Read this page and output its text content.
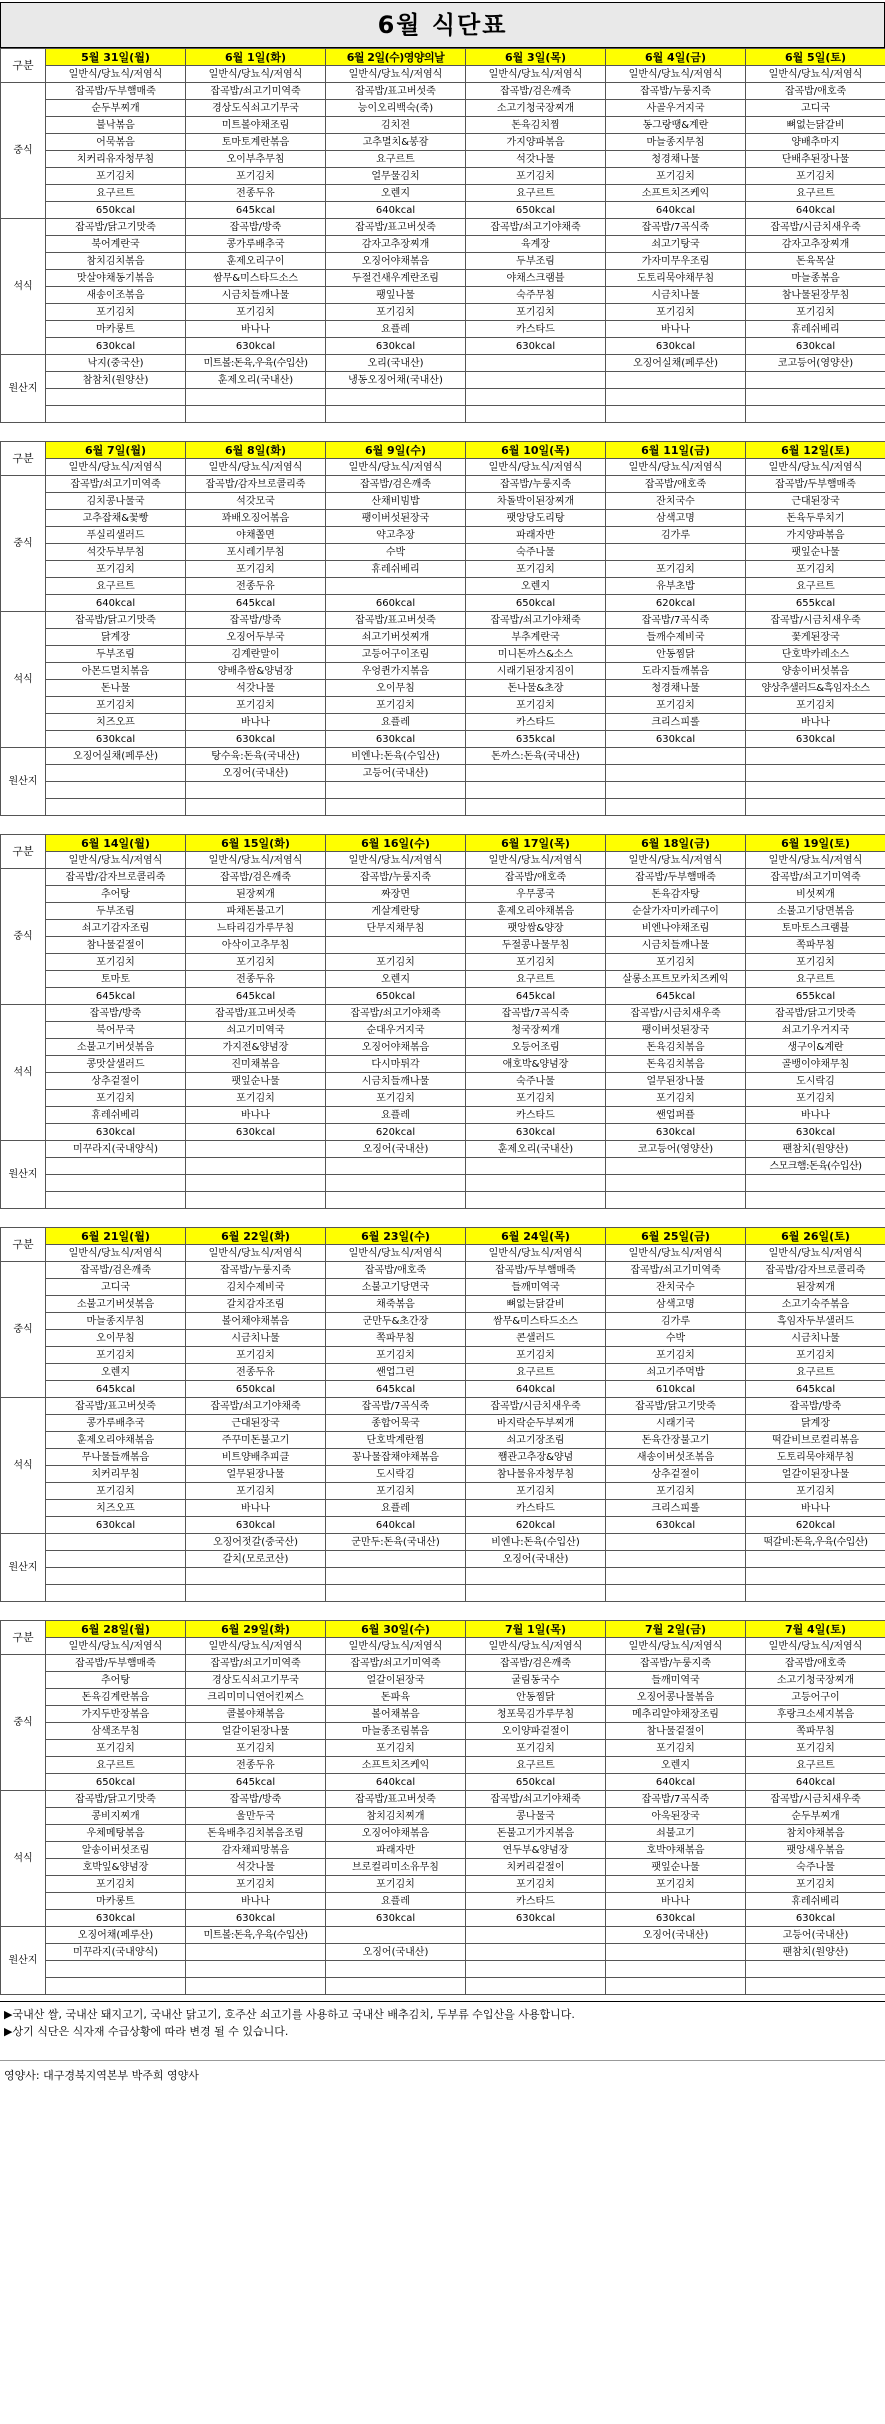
6월 식단표
구분	5월 31일(월)	6월 1일(화)	6월 2일(수)영양의날	6월 3일(목)	6월 4일(금)	6월 5일(토)
	일반식/당뇨식/저염식	일반식/당뇨식/저염식	일반식/당뇨식/저염식	일반식/당뇨식/저염식	일반식/당뇨식/저염식	일반식/당뇨식/저염식
중식	잡곡밥/두부햄매죽	잡곡밥/쇠고기미역죽	잡곡밥/표고버섯죽	잡곡밥/검은깨죽	잡곡밥/누룽지죽	잡곡밥/애호죽
	순두부찌개	경상도식쇠고기무국	능이오리백숙(죽)	소고기청국장찌개	사골우거지국	고디국
	불낙볶음	미트볼야채조림	김치전	돈육김치찜	동그랑땡&계란	뼈없는닭갈비
	어묵볶음	토마토계란볶음	고추멸치&봉잠	가지양파볶음	마늘종지무침	양배추마지
	치커리유자청무침	오이부추무침	요구르트	석갓나물	청경채나물	단배추된장나물
	포기김치	포기김치	얼무물김치	포기김치	포기김치	포기김치
	요구르트	전종두유	오렌지	요구르트	소프트치즈케익	요구르트
	650kcal	645kcal	640kcal	650kcal	640kcal	640kcal
석식	잡곡밥/닭고기맛죽	잡곡밥/방죽	잡곡밥/표고버섯죽	잡곡밥/쇠고기야채죽	잡곡밥/7곡식죽	잡곡밥/시금치새우죽
	북어계란국	콩가루배추국	감자고추장찌개	육계장	쇠고기탕국	감자고추장찌개
	참치김치볶음	훈제오리구이	오징어야채볶음	두부조림	가자미무우조림	돈육목살
	맛살야채동기볶음	쌈무&미스타드소스	두절건새우계란조림	야채스크램블	도토리묵야채무침	마늘종볶음
	새송이조볶음	시금치들깨나물	팽잎나물	숙주무침	시금치나물	참나물된장무침
	포기김치	포기김치	포기김치	포기김치	포기김치	포기김치
	마카롱트	바나나	요플레	카스타드	바나나	휴레쉬베리
	630kcal	630kcal	630kcal	630kcal	630kcal	630kcal
원산지	낙지(중국산)	미트볼:돈육,우육(수입산)	오리(국내산)		오징어실채(페루산)	코고등어(영양산)
	참참치(원양산)	훈제오리(국내산)	냉동오징어채(국내산)			

구분	6월 7일(월)	6월 8일(화)	6월 9일(수)	6월 10일(목)	6월 11일(금)	6월 12일(토)
	일반식/당뇨식/저염식	일반식/당뇨식/저염식	일반식/당뇨식/저염식	일반식/당뇨식/저염식	일반식/당뇨식/저염식	일반식/당뇨식/저염식
중식	잡곡밥/쇠고기미역죽	잡곡밥/감자브로콜리죽	잡곡밥/검은깨죽	잡곡밥/누룽지죽	잡곡밥/애호죽	잡곡밥/두부햄매죽
	김치콩나물국	석갓모국	산채비빔밥	차돌박이된장찌개	잔치국수	근대된장국
	고추잡채&꽃빵	꽈배오징어볶음	팽이버섯된장국	팻앙당도리탕	삼색고명	돈육두루치기
	푸실리샐러드	야채쫄면	약고추장	파래자반	김가루	가지양파볶음
	석갓두부무침	포시레기무침	수박	숙주나물		팻잎순나물
	포기김치	포기김치	휴레쉬베리	포기김치	포기김치	포기김치
	요구르트	전종두유		오렌지	유부초밥	요구르트
	640kcal	645kcal	660kcal	650kcal	620kcal	655kcal
석식	잡곡밥/닭고기맛죽	잡곡밥/방죽	잡곡밥/표고버섯죽	잡곡밥/쇠고기야채죽	잡곡밥/7곡식죽	잡곡밥/시금치새우죽
	닭계장	오징어두부국	쇠고기버섯찌개	부추계란국	들깨수제비국	꽃게된장국
	두부조림	김계란말이	고등어구이조림	미니돈까스&소스	안동찜닭	단호박카레소스
	아몬드멸치볶음	양배추쌈&양념장	우엉퀸가지볶음	시래기된장지짐이	도라지들깨볶음	양송이버섯볶음
	돈나물	석갓나물	오이무침	돈나물&초장	청경채나물	양상추샐러드&흑임자소스
	포기김치	포기김치	포기김치	포기김치	포기김치	포기김치
	치즈오프	바나나	요플레	카스타드	크리스피롤	바나나
	630kcal	630kcal	630kcal	635kcal	630kcal	630kcal
원산지	오징어실채(페루산)	탕수육:돈육(국내산)	비엔나:돈육(수입산)	돈까스:돈육(국내산)		
		오징어(국내산)	고등어(국내산)			

구분	6월 14일(월)	6월 15일(화)	6월 16일(수)	6월 17일(목)	6월 18일(금)	6월 19일(토)
	일반식/당뇨식/저염식	일반식/당뇨식/저염식	일반식/당뇨식/저염식	일반식/당뇨식/저염식	일반식/당뇨식/저염식	일반식/당뇨식/저염식
중식	잡곡밥/감자브로콜리죽	잡곡밥/검은깨죽	잡곡밥/누룽지죽	잡곡밥/애호죽	잡곡밥/두부햄매죽	잡곡밥/쇠고기미역죽
	추어탕	된장찌개	짜장면	우무콩국	돈육감자탕	비섯찌개
	두부조림	파채돈불고기	게살계란탕	훈제오리야채볶음	순살가자미카레구이	소불고기당면볶음
	쇠고기감자조림	느타리김가루무침	단무지채무침	팻앙쌈&양장	비엔나야채조림	토마토스크램블
	참나물겉절이	아삭이고추무침		두절콩나물무침	시금치들깨나물	쪽파무침
	포기김치	포기김치	포기김치	포기김치	포기김치	포기김치
	토마토	전종두유	오렌지	요구르트	살롱소프트모카치즈케익	요구르트
	645kcal	645kcal	650kcal	645kcal	645kcal	655kcal
석식	잡곡밥/방죽	잡곡밥/표고버섯죽	잡곡밥/쇠고기야채죽	잡곡밥/7곡식죽	잡곡밥/시금치새우죽	잡곡밥/닭고기맛죽
	북어무국	쇠고기미역국	순대우거지국	청국장찌개	팽이버섯된장국	쇠고기우거지국
	소불고기버섯볶음	가지전&양념장	오징어야채볶음	오등어조림	돈육김치볶음	생구이&계란
	콩맛살샐러드	진미채볶음	다시마튀각	애호박&양념장	돈육김치볶음	골뱅이야채무침
	상추겉절이	팻잎순나물	시금치들깨나물	숙주나물	얼무된장나물	도시락김
	포기김치	포기김치	포기김치	포기김치	포기김치	포기김치
	휴레쉬베리	바나나	요플레	카스타드	쌘업퍼플	바나나
	630kcal	630kcal	620kcal	630kcal	630kcal	630kcal
원산지	미꾸라지(국내양식)		오징어(국내산)	훈제오리(국내산)	코고등어(영양산)	팬참치(원양산)
						스모크햄:돈육(수입산)

구분	6월 21일(월)	6월 22일(화)	6월 23일(수)	6월 24일(목)	6월 25일(금)	6월 26일(토)
	일반식/당뇨식/저염식	일반식/당뇨식/저염식	일반식/당뇨식/저염식	일반식/당뇨식/저염식	일반식/당뇨식/저염식	일반식/당뇨식/저염식
중식	잡곡밥/검은깨죽	잡곡밥/누룽지죽	잡곡밥/애호죽	잡곡밥/두부햄매죽	잡곡밥/쇠고기미역죽	잡곡밥/감자브로콜리죽
	고디국	김치수제비국	소불고기당면국	들깨미역국	잔치국수	된장찌개
	소불고기버섯볶음	갈치감자조림	채죽볶음	뼈없는닭갈비	삼색고명	소고기숙주볶음
	마늘종지무침	볼어채야채볶음	군만두&초간장	쌈무&미스타드소스	김가루	흑임자두부샐러드
	오이무침	시금치나물	쪽파무침	콘샐러드	수박	시금치나물
	포기김치	포기김치	포기김치	포기김치	포기김치	포기김치
	오렌지	전종두유	쌘업그린	요구르트	쇠고기주먹밥	요구르트
	645kcal	650kcal	645kcal	640kcal	610kcal	645kcal
석식	잡곡밥/표고버섯죽	잡곡밥/쇠고기야채죽	잡곡밥/7곡식죽	잡곡밥/시금치새우죽	잡곡밥/닭고기맛죽	잡곡밥/방죽
	콩가루배추국	근대된장국	종합어묵국	바지락순두부찌개	시래기국	닭계장
	훈제오리야채볶음	주꾸미돈불고기	단호박계란찜	쇠고기장조림	돈육간장불고기	떡갈비브로컬리볶음
	무나물들깨볶음	비트양배추피클	꽁나물잡채야채볶음	쨈관고추장&양념	새송이버섯조볶음	도토리묵야채무침
	치커리무침	얼무된장나물	도시락김	참나물유자청무침	상추겉절이	얼갈이된장나물
	포기김치	포기김치	포기김치	포기김치	포기김치	포기김치
	치즈오프	바나나	요플레	카스타드	크리스피롤	바나나
	630kcal	630kcal	640kcal	620kcal	630kcal	620kcal
원산지		오징어젓갈(중국산)	군만두:돈육(국내산)	비엔나:돈육(수입산)		떡갈비:돈육,우육(수입산)
		갈치(모로코산)		오징어(국내산)		

구분	6월 28일(월)	6월 29일(화)	6월 30일(수)	7월 1일(목)	7월 2일(금)	7월 4일(토)
	일반식/당뇨식/저염식	일반식/당뇨식/저염식	일반식/당뇨식/저염식	일반식/당뇨식/저염식	일반식/당뇨식/저염식	일반식/당뇨식/저염식
중식	잡곡밥/두부햄매죽	잡곡밥/쇠고기미역죽	잡곡밥/쇠고기미역죽	잡곡밥/검은깨죽	잡곡밥/누룽지죽	잡곡밥/애호죽
	추어탕	경상도식쇠고기무국	얼갈이된장국	굴림동국수	들깨미역국	소고기청국장찌개
	돈육김계란볶음	크리미미니연어킨찌스	돈파육	안동찜닭	오징어콩나물볶음	고등어구이
	가지두반장볶음	콜볼야채볶음	볼어채볶음	청포묵김가루무침	메추리알야채장조림	후랑크소세지볶음
	삼색조무침	얼갈이된장나물	마늘종조림볶음	오이양파겉절이	참나물겉절이	쪽파무침
	포기김치	포기김치	포기김치	포기김치	포기김치	포기김치
	요구르트	전종두유	소프트치즈케익	요구르트	오렌지	요구르트
	650kcal	645kcal	640kcal	650kcal	640kcal	640kcal
석식	잡곡밥/닭고기맛죽	잡곡밥/방죽	잡곡밥/표고버섯죽	잡곡밥/쇠고기야채죽	잡곡밥/7곡식죽	잡곡밥/시금치새우죽
	콩비지찌개	울만두국	참치김치찌개	콩나물국	아욱된장국	순두부찌개
	우체메탕볶음	돈육배추김치볶음조림	오징어야채볶음	돈불고기가지볶음	쇠불고기	참치야채볶음
	알송이버섯조림	감자채피망볶음	파래자반	연두부&양념장	호박야채볶음	팻앙새우볶음
	호박잎&양념장	석갓나물	브로컬리미소유무침	치커리겉절이	팻잎순나물	숙주나물
	포기김치	포기김치	포기김치	포기김치	포기김치	포기김치
	마카롱트	바나나	요플레	카스타드	바나나	휴레쉬베리
	630kcal	630kcal	630kcal	630kcal	630kcal	630kcal
원산지	오징어채(페루산)	미트볼:돈육,우육(수입산)			오징어(국내산)	고등어(국내산)
	미꾸라지(국내양식)		오징어(국내산)			팬참치(원양산)

▶국내산 쌀, 국내산 돼지고기, 국내산 닭고기, 호주산 쇠고기를 사용하고 국내산 배추김치, 두부류 수입산을 사용합니다.
▶상기 식단은 식자재 수급상황에 따라 변경 될 수 있습니다.
영양사: 대구경북지역본부 박주희 영양사
